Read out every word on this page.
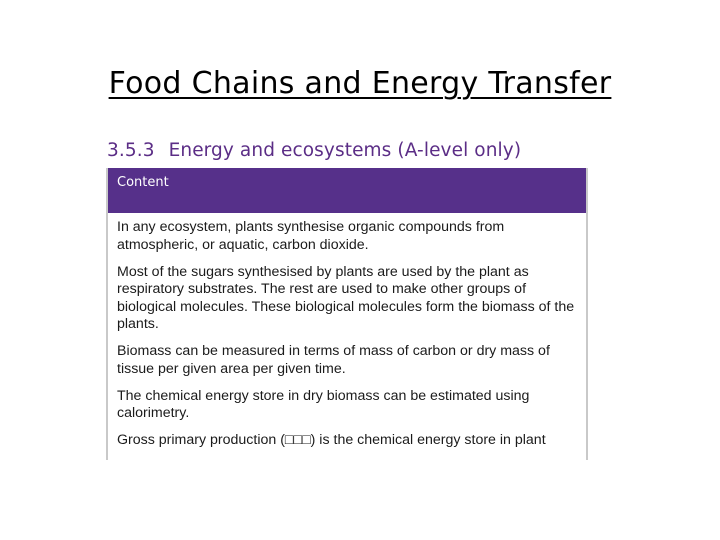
Food Chains and Energy Transfer
3.5.3 Energy and ecosystems (A-level only)
Content

In any ecosystem, plants synthesise organic compounds from atmospheric, or aquatic, carbon dioxide.

Most of the sugars synthesised by plants are used by the plant as respiratory substrates. The rest are used to make other groups of biological molecules. These biological molecules form the biomass of the plants.

Biomass can be measured in terms of mass of carbon or dry mass of tissue per given area per given time.

The chemical energy store in dry biomass can be estimated using calorimetry.

Gross primary production (□□□) is the chemical energy store in plant
